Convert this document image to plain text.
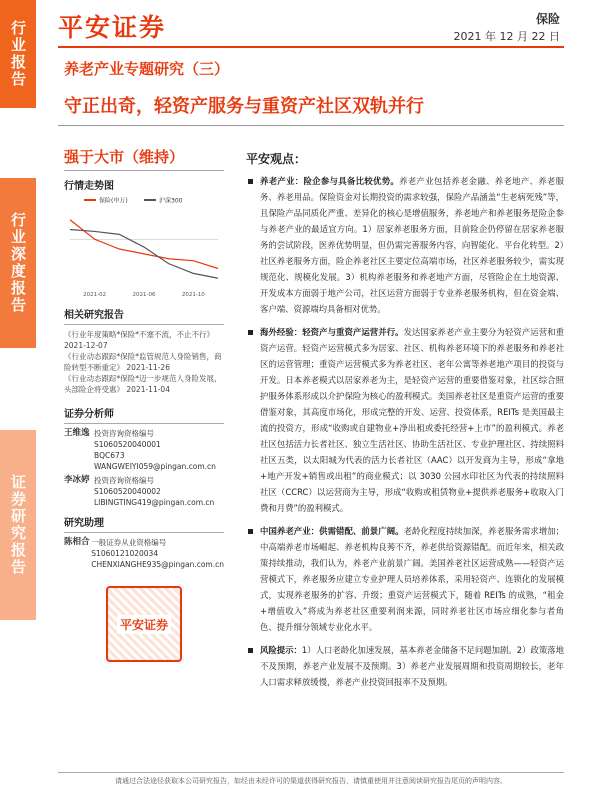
行业报告
行业深度报告
证券研究报告
平安证券	保险
2021 年 12 月 22 日
养老产业专题研究（三）
守正出奇，轻资产服务与重资产社区双轨并行
强于大市（维持）
行情走势图
保险(申万)	沪深300
2021-02	2021-06	2021-10
相关研究报告
《行业年度策略*保险*不塞不流，不止不行》 2021-12-07
《行业动态跟踪*保险*监管规范人身险销售，商险转型不断重定》 2021-11-26
《行业动态跟踪*保险*迈一步规范人身险发展，头部险企将受惠》 2021-11-04
证券分析师
王维逸 投资咨询资格编号
S1060520040001
BQC673
WANGWEIYI059@pingan.com.cn
李冰婷 投资咨询资格编号
S1060520040002
LIBINGTING419@pingan.com.cn
研究助理
陈相合 一般证券从业资格编号
S1060121020034
CHENXIANGHE935@pingan.com.cn
平安证券
平安观点：
养老产业：险企参与具备比较优势。养老产业包括养老金融、养老地产、养老服务、养老用品。保险资金对长期投资的需求较强，保险产品涵盖“生老病死残”等，且保险产品同质化严重、差异化的核心是增值服务，养老地产和养老服务是险企参与养老产业的最适宜方向。1）居家养老服务方面，目前险企仍停留在居家养老服务的尝试阶段，医养优势明显，但仍需完善服务内容，向智能化、平台化转型。2）社区养老服务方面，险企养老社区主要定位高端市场，社区养老服务较少，需实现规范化、规模化发展。3）机构养老服务和养老地产方面，尽管险企在土地资源、开发成本方面弱于地产公司，社区运营方面弱于专业养老服务机构，但在资金端、客户端、资源端均具备相对优势。
海外经验：轻资产与重资产运营并行。发达国家养老产业主要分为轻资产运营和重资产运营。轻资产运营模式多为居家、社区、机构养老环境下的养老服务和养老社区的运营管理；重资产运营模式多为养老社区、老年公寓等养老地产项目的投资与开发。日本养老模式以居家养老为主，是轻资产运营的重要借鉴对象，社区综合照护服务体系形成以介护保险为核心的盈利模式。美国养老社区是重资产运营的重要借鉴对象，其高度市场化，形成完整的开发、运营、投资体系，REITs 是美国最主流的投资方，形成“收购或自建物业+净出租或委托经营+上市”的盈利模式。养老社区包括活力长者社区、独立生活社区、协助生活社区、专业护理社区、持续照料社区五类，以太阳城为代表的活力长者社区（AAC）以开发商为主导，形成“拿地+地产开发+销售或出租”的商业模式；以 3030 公园水印社区为代表的持续照料社区（CCRC）以运营商为主导，形成“收购或租赁物业+提供养老服务+收取入门费和月费”的盈利模式。
中国养老产业：供需错配、前景广阔。老龄化程度持续加深，养老服务需求增加；中高端养老市场崛起、养老机构良莠不齐，养老供给资源错配。而近年来，相关政策持续推动，我们认为，养老产业前景广阔。美国养老社区运营成熟——轻资产运营模式下，养老服务应建立专业护理人员培养体系，采用轻资产、连锁化的发展模式，实现养老服务的扩容、升级；重资产运营模式下，随着 REITs 的成熟，“租金+增值收入”将成为养老社区重要利润来源，同时养老社区市场应细化参与者角色、提升细分领域专业化水平。
风险提示：1）人口老龄化加速发展，基本养老金储备不足问题加剧。2）政策落地不及预期，养老产业发展不及预期。3）养老产业发展周期和投资周期较长，老年人口需求释放缓慢，养老产业投资回报率不及预期。
请通过合法途径获取本公司研究报告，如经由未经许可的渠道获得研究报告，请慎重使用并注意阅读研究报告尾页的声明内容。
